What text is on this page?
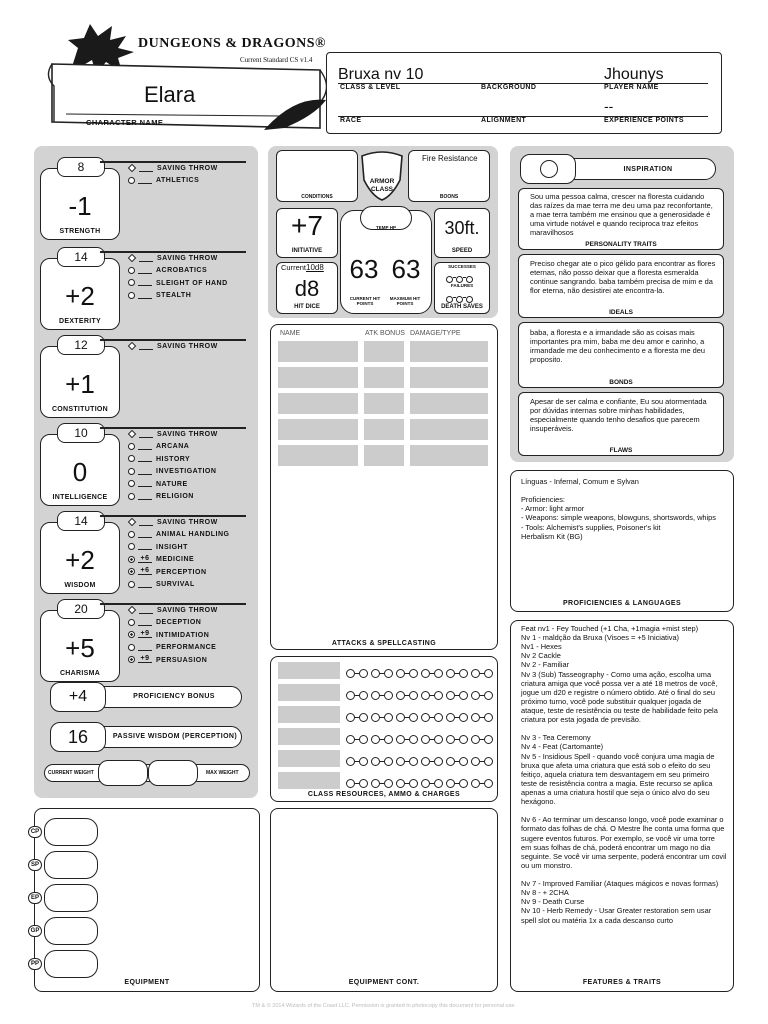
DUNGEONS & DRAGONS®
Current Standard CS v1.4
Elara
CHARACTER NAME
Bruxa nv 10
CLASS & LEVEL	BACKGROUND
Jhounys
PLAYER NAME
--
RACE	ALIGNMENT	EXPERIENCE POINTS
8
-1
STRENGTH
SAVING THROW
ATHLETICS
14
+2
DEXTERITY
SAVING THROW
ACROBATICS
SLEIGHT OF HAND
STEALTH
12
+1
CONSTITUTION
SAVING THROW
10
0
INTELLIGENCE
SAVING THROW
ARCANA
HISTORY
INVESTIGATION
NATURE
RELIGION
14
+2
WISDOM
SAVING THROW
ANIMAL HANDLING
INSIGHT
+6 MEDICINE
+6 PERCEPTION
SURVIVAL
20
+5
CHARISMA
SAVING THROW
DECEPTION
+9 INTIMIDATION
PERFORMANCE
+9 PERSUASION
+4	PROFICIENCY BONUS
16	PASSIVE WISDOM (PERCEPTION)
CURRENT WEIGHT	MAX WEIGHT
CONDITIONS
ARMOR CLASS
Fire Resistance
BOONS
+7
INITIATIVE
TEMP HP
63 63
CURRENT HIT POINTS
MAXIMUM HIT POINTS
30ft.
SPEED
Current 10d8
d8
HIT DICE
SUCCESSES
FAILURES
DEATH SAVES
NAME	ATK BONUS DAMAGE/TYPE
ATTACKS & SPELLCASTING
CLASS RESOURCES, AMMO & CHARGES
INSPIRATION
Sou uma pessoa calma, crescer na floresta cuidando das raízes da mae terra me deu uma paz reconfortante, a mae terra também me ensinou que a generosidade é uma virtude notável e quando reciproca traz efeitos maravilhosos
PERSONALITY TRAITS
Preciso chegar ate o pico gélido para encontrar as flores eternas, não posso deixar que a floresta esmeralda continue sangrando. baba também precisa de mim e da flor eterna, não desistirei ate encontra-la.
IDEALS
baba, a floresta e a irmandade são as coisas mais importantes pra mim, baba me deu amor e carinho, a irmandade me deu conhecimento e a floresta me deu proposito.
BONDS
Apesar de ser calma e confiante, Eu sou atormentada por dúvidas internas sobre minhas habilidades, especialmente quando tenho desafios que parecem insuperáveis.
FLAWS
Línguas - Infernal, Comum e Sylvan

Proficiencies:
- Armor: light armor
- Weapons: simple weapons, blowguns, shortswords, whips
- Tools: Alchemist's supplies, Poisoner's kit
Herbalism Kit (BG)
PROFICIENCIES & LANGUAGES
Feat nv1 - Fey Touched (+1 Cha, +1magia +mist step)
Nv 1 - maldção da Bruxa (Visoes = +5 Iniciativa)
Nv1 - Hexes
Nv 2 Cackle
Nv 2 - Familiar
Nv 3 (Sub) Tasseography - Como uma ação, escolha uma criatura amiga que você possa ver a até 18 metros de você, jogue um d20 e registre o número obtido. Até o final do seu próximo turno, você pode substituir qualquer jogada de ataque, teste de resistência ou teste de habilidade feito pela criatura por esta jogada de previsão.

Nv 3 - Tea Ceremony
Nv 4 - Feat (Cartomante)
Nv 5 - Insidious Spell - quando você conjura uma magia de bruxa que afeta uma criatura que está sob o efeito do seu feitiço, aquela criatura tem desvantagem em seu primeiro teste de resistência contra a magia. Este recurso se aplica apenas a uma criatura hostil que seja o único alvo do seu hexágono.

Nv 6 - Ao terminar um descanso longo, você pode examinar o formato das folhas de chá. O Mestre lhe conta uma forma que sugere eventos futuros. Por exemplo, se você vir uma torre em suas folhas de chá, poderá encontrar um mago no dia seguinte. Se você vir uma serpente, poderá encontrar um covil ou um monstro.

Nv 7 - Improved Familiar (Ataques mágicos e novas formas)
Nv 8 - + 2CHA
Nv 9 - Death Curse
Nv 10 - Herb Remedy - Usar Greater restoration sem usar spell slot ou matéria 1x a cada descanso curto
FEATURES & TRAITS
CP
SP
EP
GP
PP
EQUIPMENT	EQUIPMENT CONT.
TM & © 2014 Wizards of the Coast LLC. Permission is granted to photocopy this document for personal use.
